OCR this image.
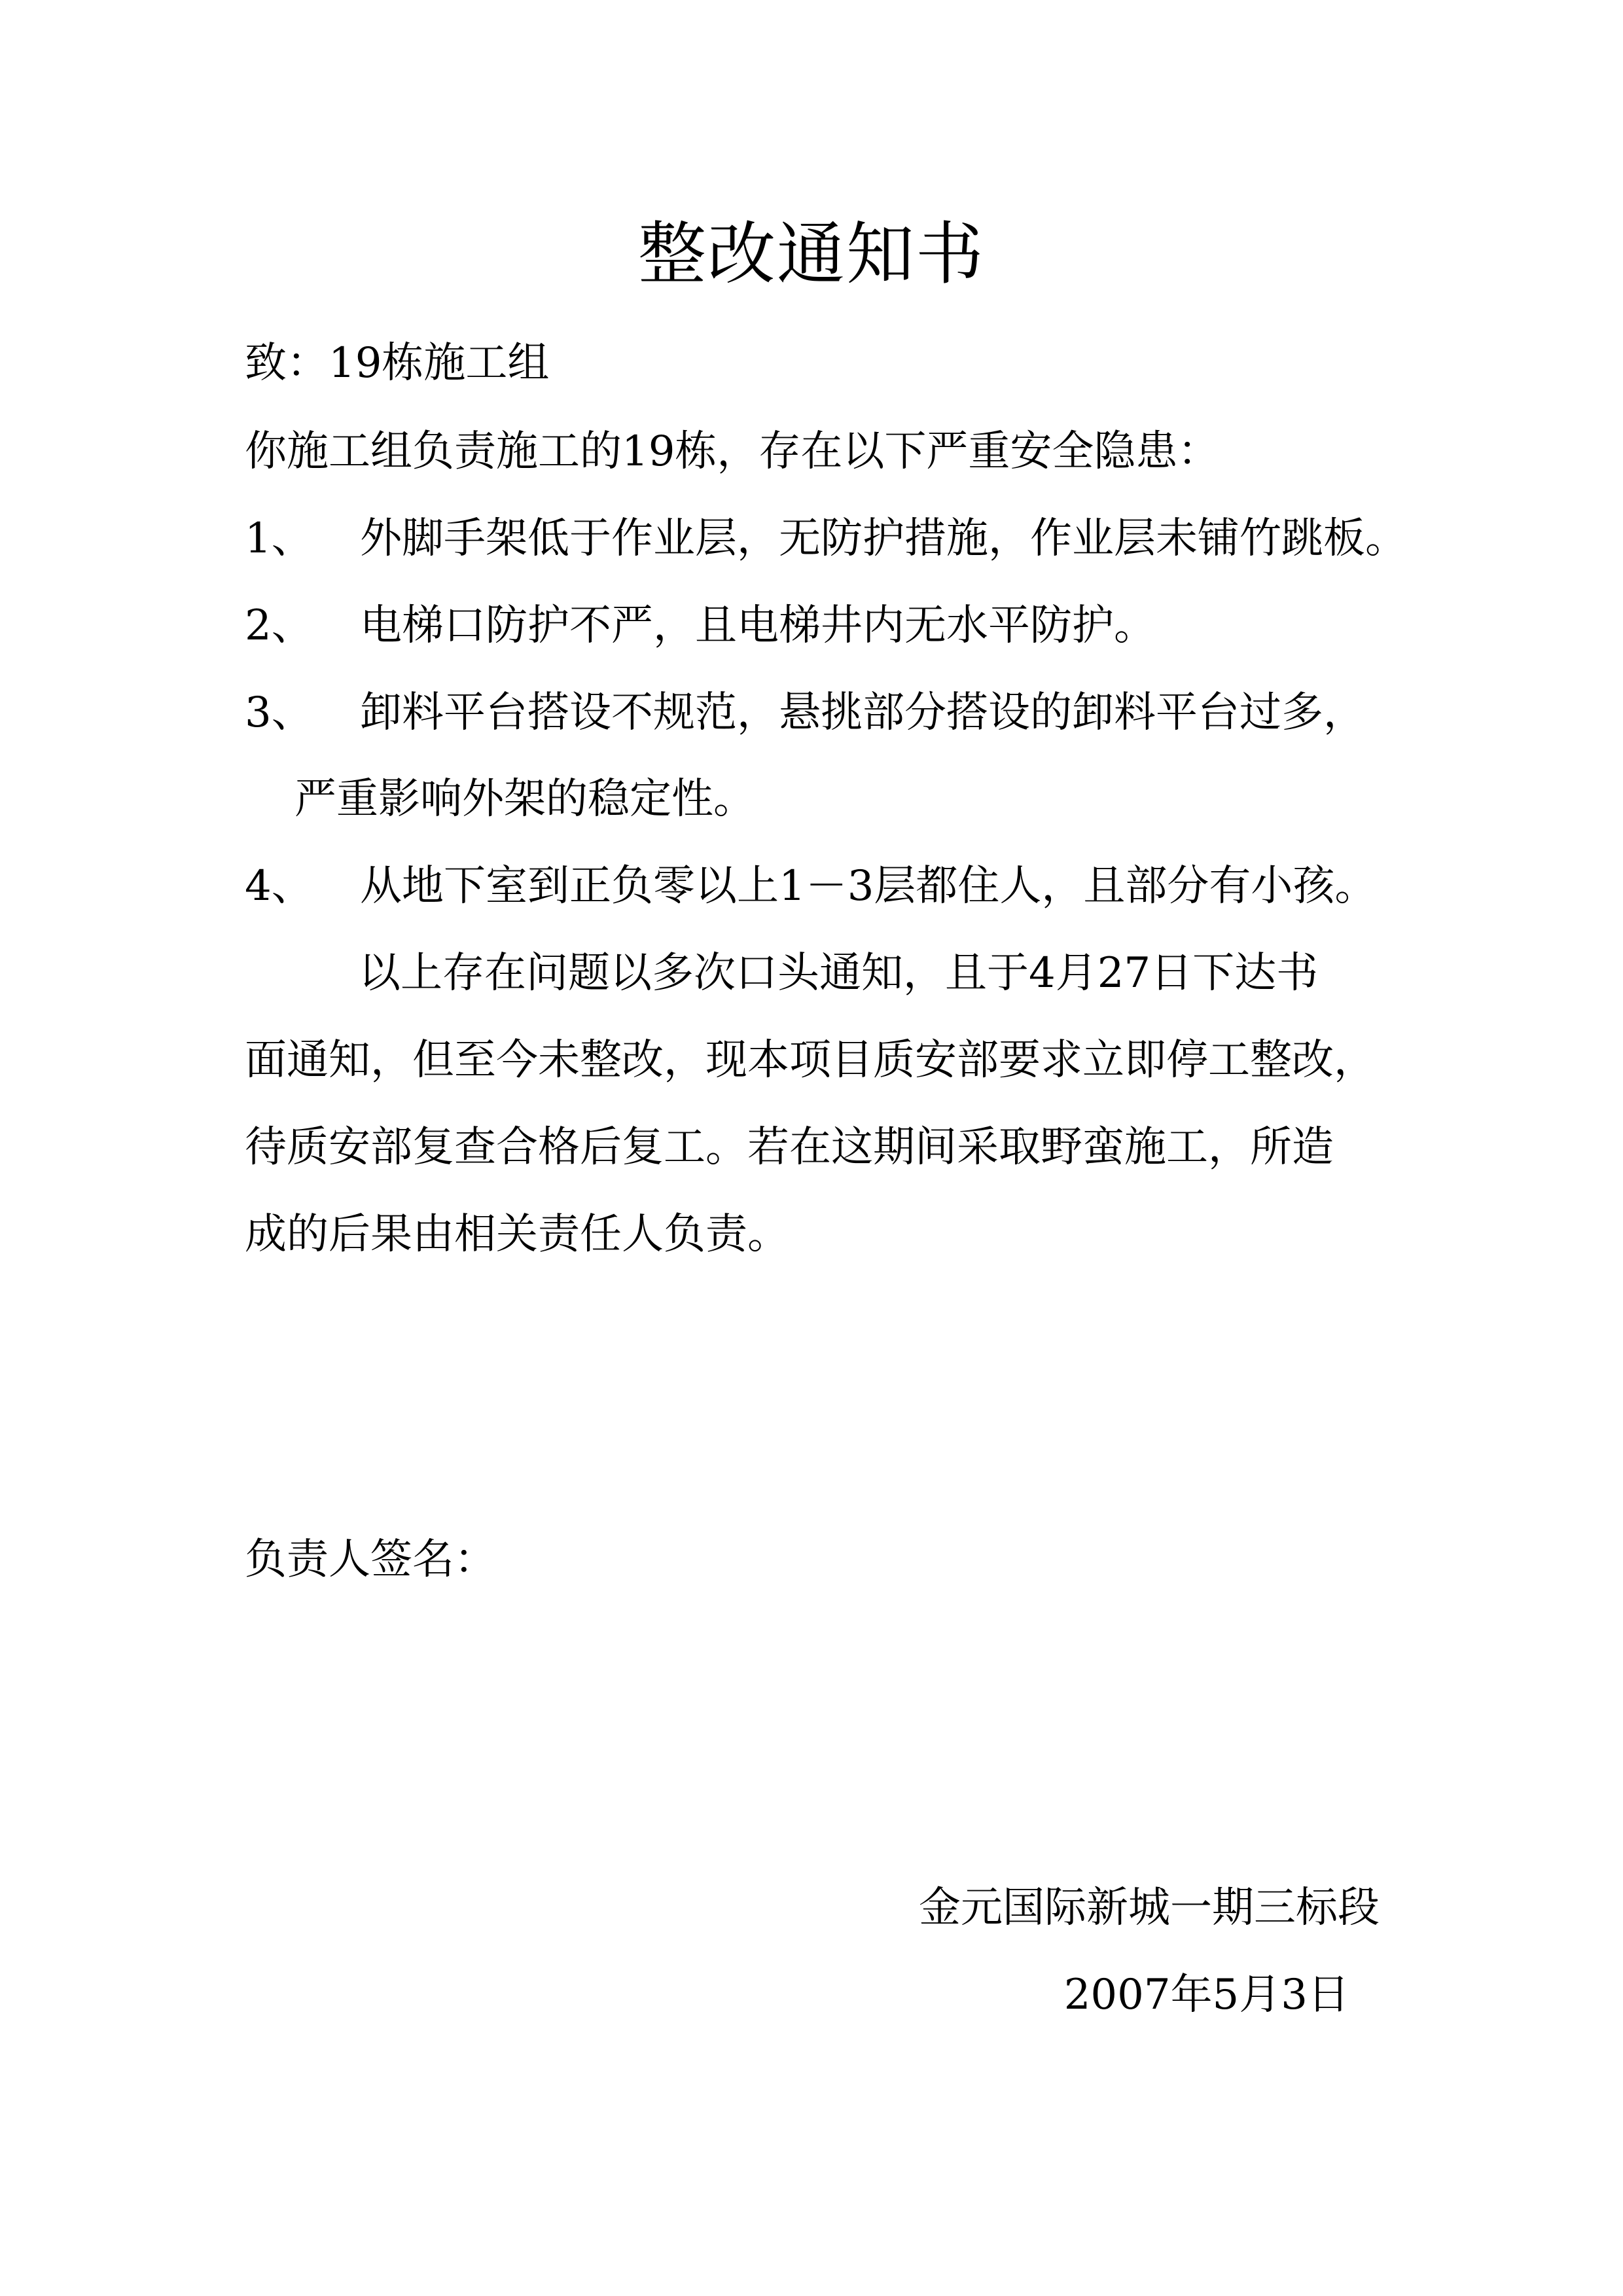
整改通知书
致：19栋施工组
你施工组负责施工的19栋，存在以下严重安全隐患：
1、 外脚手架低于作业层，无防护措施，作业层未铺竹跳板。
2、 电梯口防护不严，且电梯井内无水平防护。
3、 卸料平台搭设不规范，悬挑部分搭设的卸料平台过多，
严重影响外架的稳定性。
4、 从地下室到正负零以上1－3层都住人，且部分有小孩。
以上存在问题以多次口头通知，且于4月27日下达书
面通知，但至今未整改，现本项目质安部要求立即停工整改，
待质安部复查合格后复工。若在这期间采取野蛮施工，所造
成的后果由相关责任人负责。
负责人签名：
金元国际新城一期三标段
2007年5月3日
